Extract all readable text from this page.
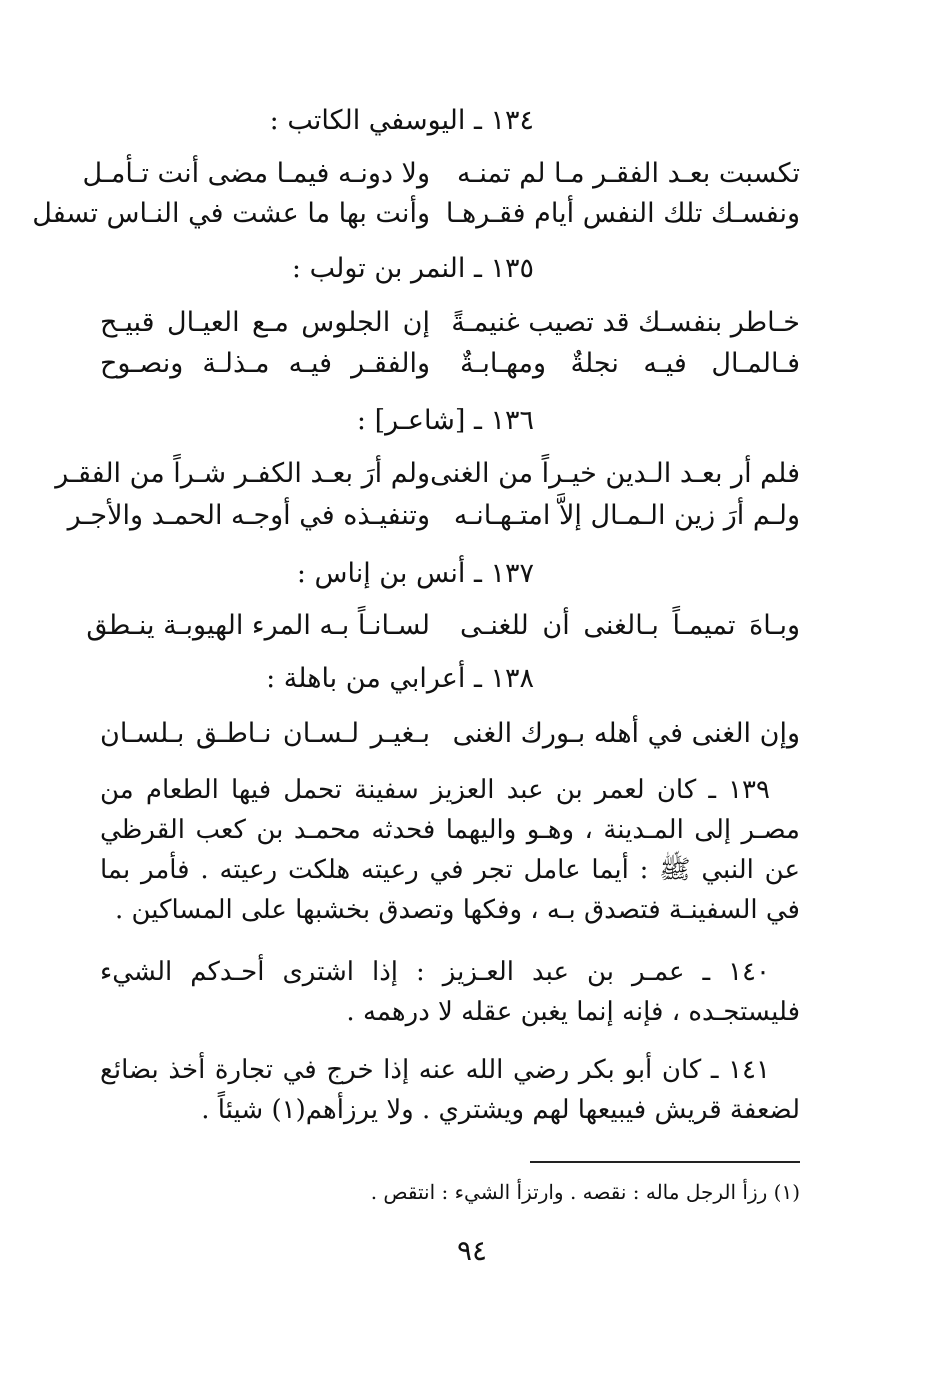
١٣٤ ـ اليوسفي الكاتب :
تكسبت بعـد الفقـر مـا لم تمنـه
ولا دونـه فيمـا مضى أنت تـأمـل
ونفسـك تلك النفس أيام فقـرهـا
وأنت بها ما عشت في النـاس تسفل
١٣٥ ـ النمر بن تولب :
خـاطر بنفسـك قد تصيب غنيمـةً
إن الجلوس مـع العيـال قبيـح
فـالمـال فيـه نجلةٌ ومهـابـةٌ
والفقـر فيـه مـذلـة ونصـوح
١٣٦ ـ [شاعـر] :
فلم أر بعـد الـدين خيـراً من الغنى
ولم أرَ بعـد الكفـر شـراً من الفقـر
ولـم أرَ زين الـمـال إلاَّ امتـهـانـه
وتنفيـذه في أوجـه الحمـد والأجـر
١٣٧ ـ أنس بن إناس :
وبـاهَ تميمـاً بـالغنى أن للغنـى
لسـانـاً بـه المرء الهيوبـة ينـطق
١٣٨ ـ أعرابي من باهلة :
وإن الغنى في أهله بـورك الغنى
بـغيـر لـسـان نـاطـق بـلسـان
١٣٩ ـ كان لعمر بن عبد العزيز سفينة تحمل فيها الطعام من مصـر إلى المـدينة ، وهـو واليهما فحدثه محمـد بن كعب القرظي عن النبي ﷺ : أيما عامل تجر في رعيته هلكت رعيته . فأمر بما في السفينـة فتصدق بـه ، وفكها وتصدق بخشبها على المساكين .
١٤٠ ـ عمـر بن عبد العـزيز : إذا اشترى أحـدكم الشيء فليستجـده ، فإنه إنما يغبن عقله لا درهمه .
١٤١ ـ كان أبو بكر رضي الله عنه إذا خرج في تجارة أخذ بضائع لضعفة قريش فيبيعها لهم ويشتري . ولا يرزأهم(١) شيئاً .
(١) رزأ الرجل ماله : نقصه . وارتزأ الشيء : انتقص .
٩٤
